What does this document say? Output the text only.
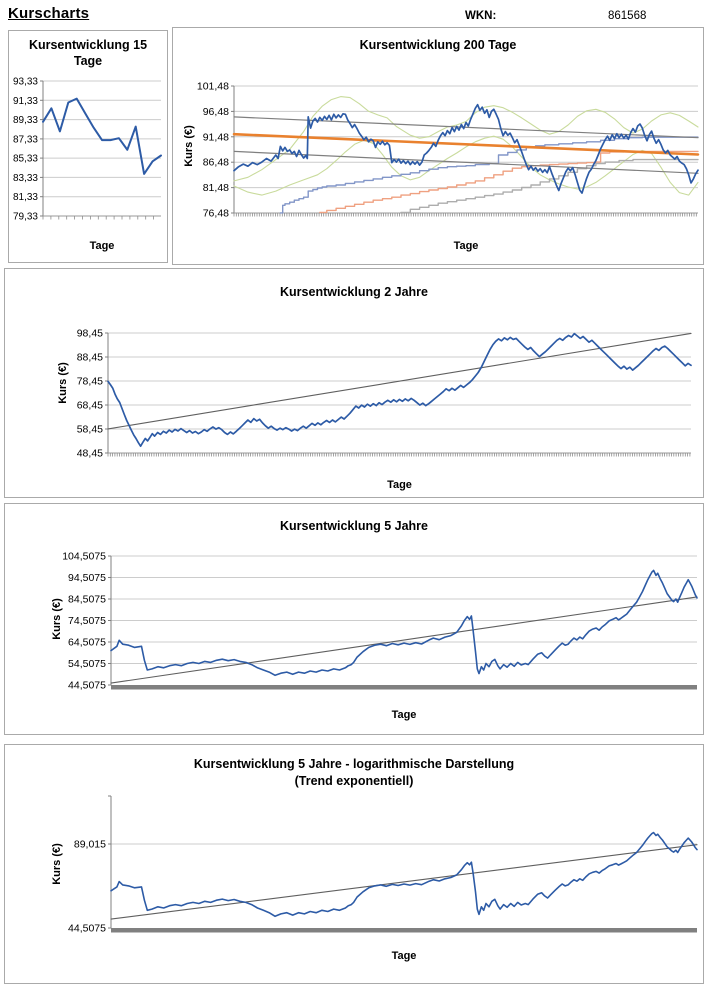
Kurscharts	WKN:	861568
Kursentwicklung 15 Tage
93,33
91,33
89,33
87,33
85,33
83,33
81,33
79,33
Tage
Kursentwicklung 200 Tage
Kurs (€)
101,48
96,48
91,48
86,48
81,48
76,48
Tage
Kursentwicklung 2 Jahre
Kurs (€)
98,45
88,45
78,45
68,45
58,45
48,45
Tage
Kursentwicklung 5 Jahre
Kurs (€)
104,5075
94,5075
84,5075
74,5075
64,5075
54,5075
44,5075
Tage
Kursentwicklung 5 Jahre - logarithmische Darstellung
(Trend exponentiell)
Kurs (€) 89,015
44,5075
Tage
